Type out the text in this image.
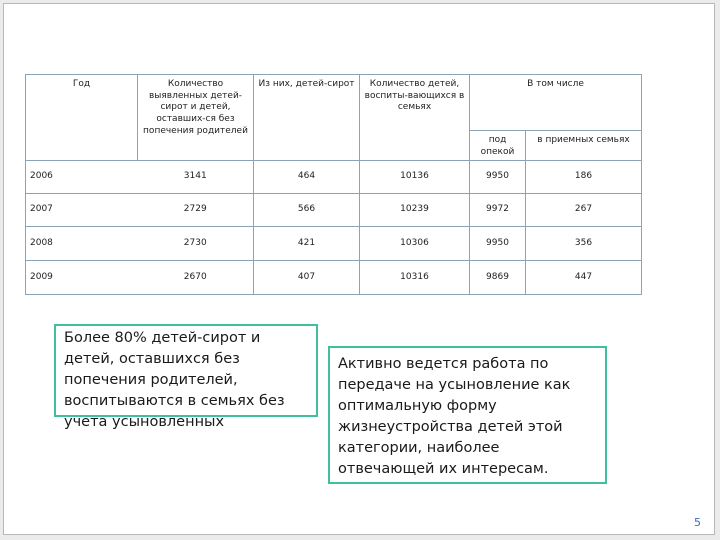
Год	Количество выявленных детей-сирот и детей, оставших-ся без попечения родителей	Из них, детей-сирот	Количество детей, воспиты-вающихся в семьях	В том числе	
				под опекой	в приемных семьях
2006	3141	464	10136	9950	186
2007	2729	566	10239	9972	267
2008	2730	421	10306	9950	356
2009	2670	407	10316	9869	447
Более 80% детей-сирот и детей, оставшихся без попечения родителей, воспитываются в семьях без учета усыновленных
Активно ведется работа по передаче на усыновление как оптимальную форму жизнеустройства детей этой категории, наиболее отвечающей их интересам.
5
